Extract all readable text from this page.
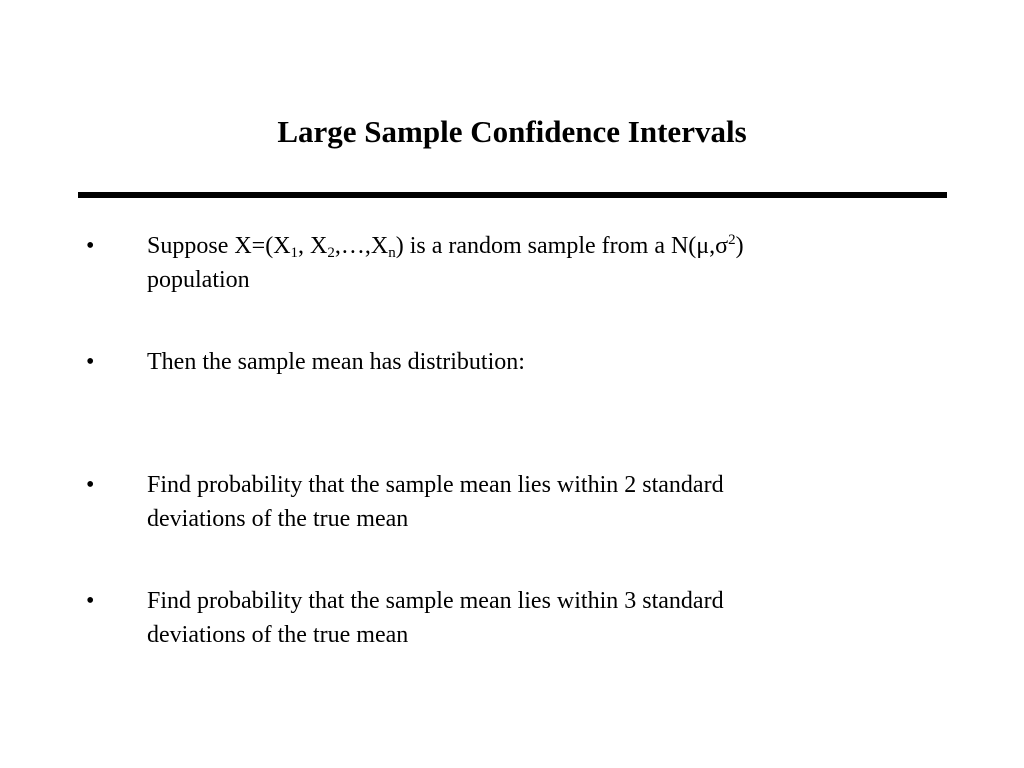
Large Sample Confidence Intervals
• Suppose $X=(X_1$, $X_2,\dots,X_n$) is a random sample from a $N(\mu,\sigma^2)$
population
• Then the sample mean has distribution:
• Find probability that the sample mean lies within 2 standard
deviations of the true mean
• Find probability that the sample mean lies within 3 standard
deviations of the true mean
